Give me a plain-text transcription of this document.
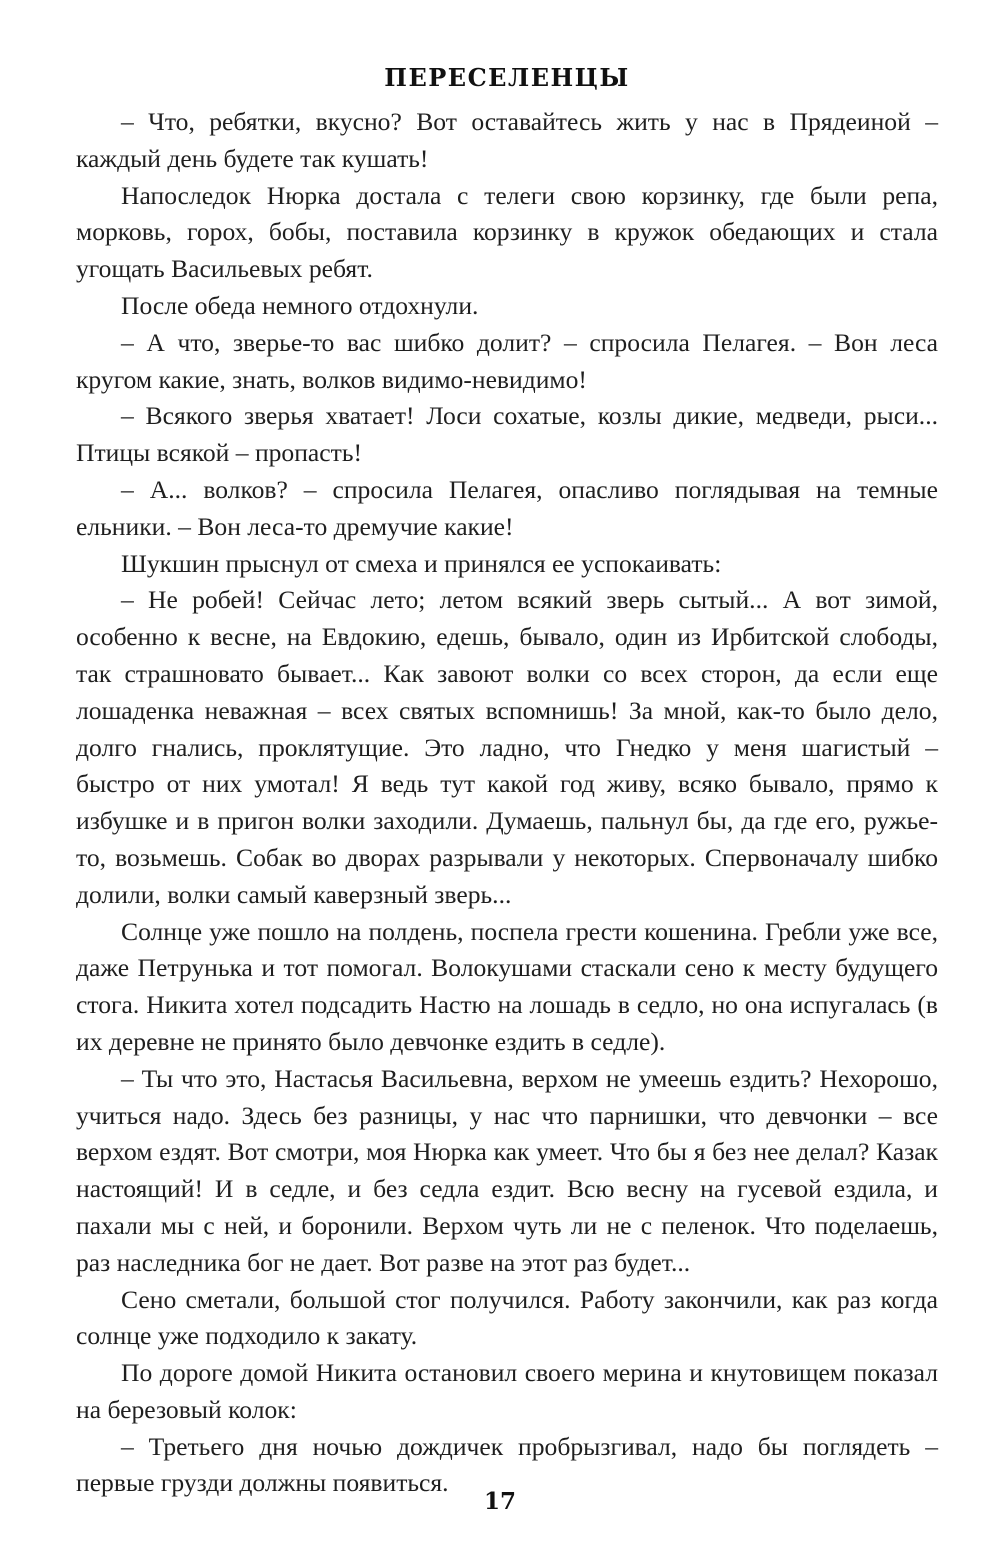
ПЕРЕСЕЛЕНЦЫ

– Что, ребятки, вкусно? Вот оставайтесь жить у нас в Прядеиной – каждый день будете так кушать!

Напоследок Нюрка достала с телеги свою корзинку, где были репа, морковь, горох, бобы, поставила корзинку в кружок обедающих и стала угощать Васильевых ребят.

После обеда немного отдохнули.

– А что, зверье-то вас шибко долит? – спросила Пелагея. – Вон леса кругом какие, знать, волков видимо-невидимо!

– Всякого зверья хватает! Лоси сохатые, козлы дикие, медведи, рыси... Птицы всякой – пропасть!

– А... волков? – спросила Пелагея, опасливо поглядывая на темные ельники. – Вон леса-то дремучие какие!

Шукшин прыснул от смеха и принялся ее успокаивать:

– Не робей! Сейчас лето; летом всякий зверь сытый... А вот зимой, особенно к весне, на Евдокию, едешь, бывало, один из Ирбитской слободы, так страшновато бывает... Как завоют волки со всех сторон, да если еще лошаденка неважная – всех святых вспомнишь! За мной, как-то было дело, долго гнались, проклятущие. Это ладно, что Гнедко у меня шагистый – быстро от них умотал! Я ведь тут какой год живу, всяко бывало, прямо к избушке и в пригон волки заходили. Думаешь, пальнул бы, да где его, ружье-то, возьмешь. Собак во дворах разрывали у некоторых. Спервоначалу шибко долили, волки самый каверзный зверь...

Солнце уже пошло на полдень, поспела грести кошенина. Гребли уже все, даже Петрунька и тот помогал. Волокушами стаскали сено к месту будущего стога. Никита хотел подсадить Настю на лошадь в седло, но она испугалась (в их деревне не принято было девчонке ездить в седле).

– Ты что это, Настасья Васильевна, верхом не умеешь ездить? Нехорошо, учиться надо. Здесь без разницы, у нас что парнишки, что девчонки – все верхом ездят. Вот смотри, моя Нюрка как умеет. Что бы я без нее делал? Казак настоящий! И в седле, и без седла ездит. Всю весну на гусевой ездила, и пахали мы с ней, и боронили. Верхом чуть ли не с пеленок. Что поделаешь, раз наследника бог не дает. Вот разве на этот раз будет...

Сено сметали, большой стог получился. Работу закончили, как раз когда солнце уже подходило к закату.

По дороге домой Никита остановил своего мерина и кнутовищем показал на березовый колок:

– Третьего дня ночью дождичек пробрызгивал, надо бы поглядеть – первые грузди должны появиться.

17
